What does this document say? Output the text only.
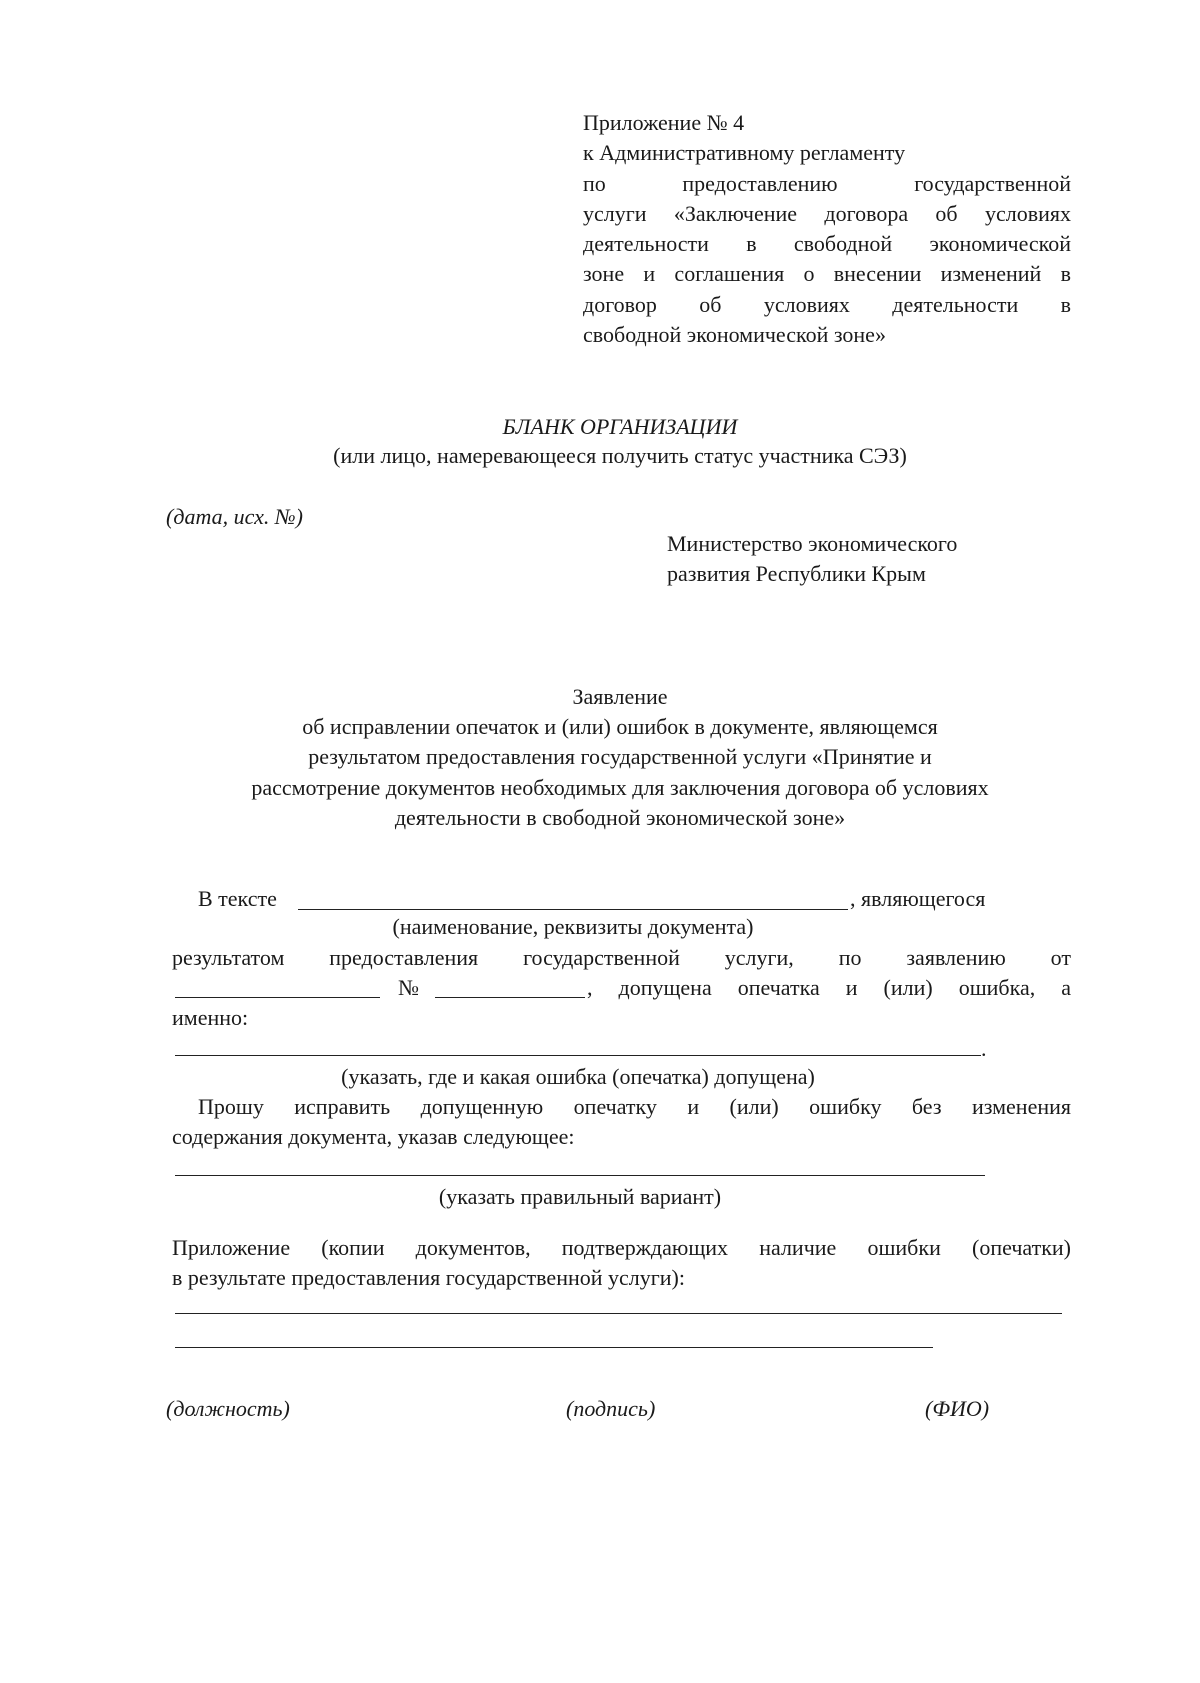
Приложение № 4
к Административному регламенту
по предоставлению государственной
услуги «Заключение договора об условиях
деятельности в свободной экономической
зоне и соглашения о внесении изменений в
договор об условиях деятельности в
свободной экономической зоне»
БЛАНК ОРГАНИЗАЦИИ
(или лицо, намеревающееся получить статус участника СЭЗ)
(дата, исх. №)
Министерство экономического
развития Республики Крым
Заявление
об исправлении опечаток и (или) ошибок в документе, являющемся
результатом предоставления государственной услуги «Принятие и
рассмотрение документов необходимых для заключения договора об условиях
деятельности в свободной экономической зоне»
В тексте	, являющегося
(наименование, реквизиты документа)
результатом предоставления государственной услуги, по заявлению от
№	, допущена опечатка и (или) ошибка, а
именно:
.
(указать, где и какая ошибка (опечатка) допущена)
Прошу исправить допущенную опечатку и (или) ошибку без изменения
содержания документа, указав следующее:
(указать правильный вариант)
Приложение (копии документов, подтверждающих наличие ошибки (опечатки)
в результате предоставления государственной услуги):
(должность)	(подпись)	(ФИО)
